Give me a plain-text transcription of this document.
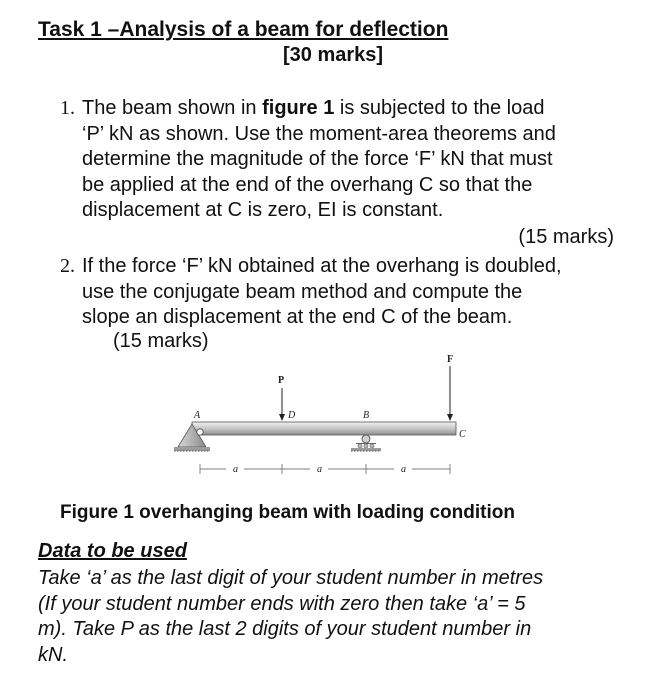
Task 1 –Analysis of a beam for deflection
[30 marks]
1. The beam shown in figure 1 is subjected to the load
‘P’ kN as shown. Use the moment-area theorems and
determine the magnitude of the force ‘F’ kN that must
be applied at the end of the overhang C so that the
displacement at C is zero, EI is constant.
(15 marks)
2. If the force ‘F’ kN obtained at the overhang is doubled,
use the conjugate beam method and compute the
slope an displacement at the end C of the beam.
(15 marks)
P
F
A	D	B
C
a	a	a
Figure 1 overhanging beam with loading condition
Data to be used
Take ‘a’ as the last digit of your student number in metres
(If your student number ends with zero then take ‘a’ = 5
m). Take P as the last 2 digits of your student number in
kN.
